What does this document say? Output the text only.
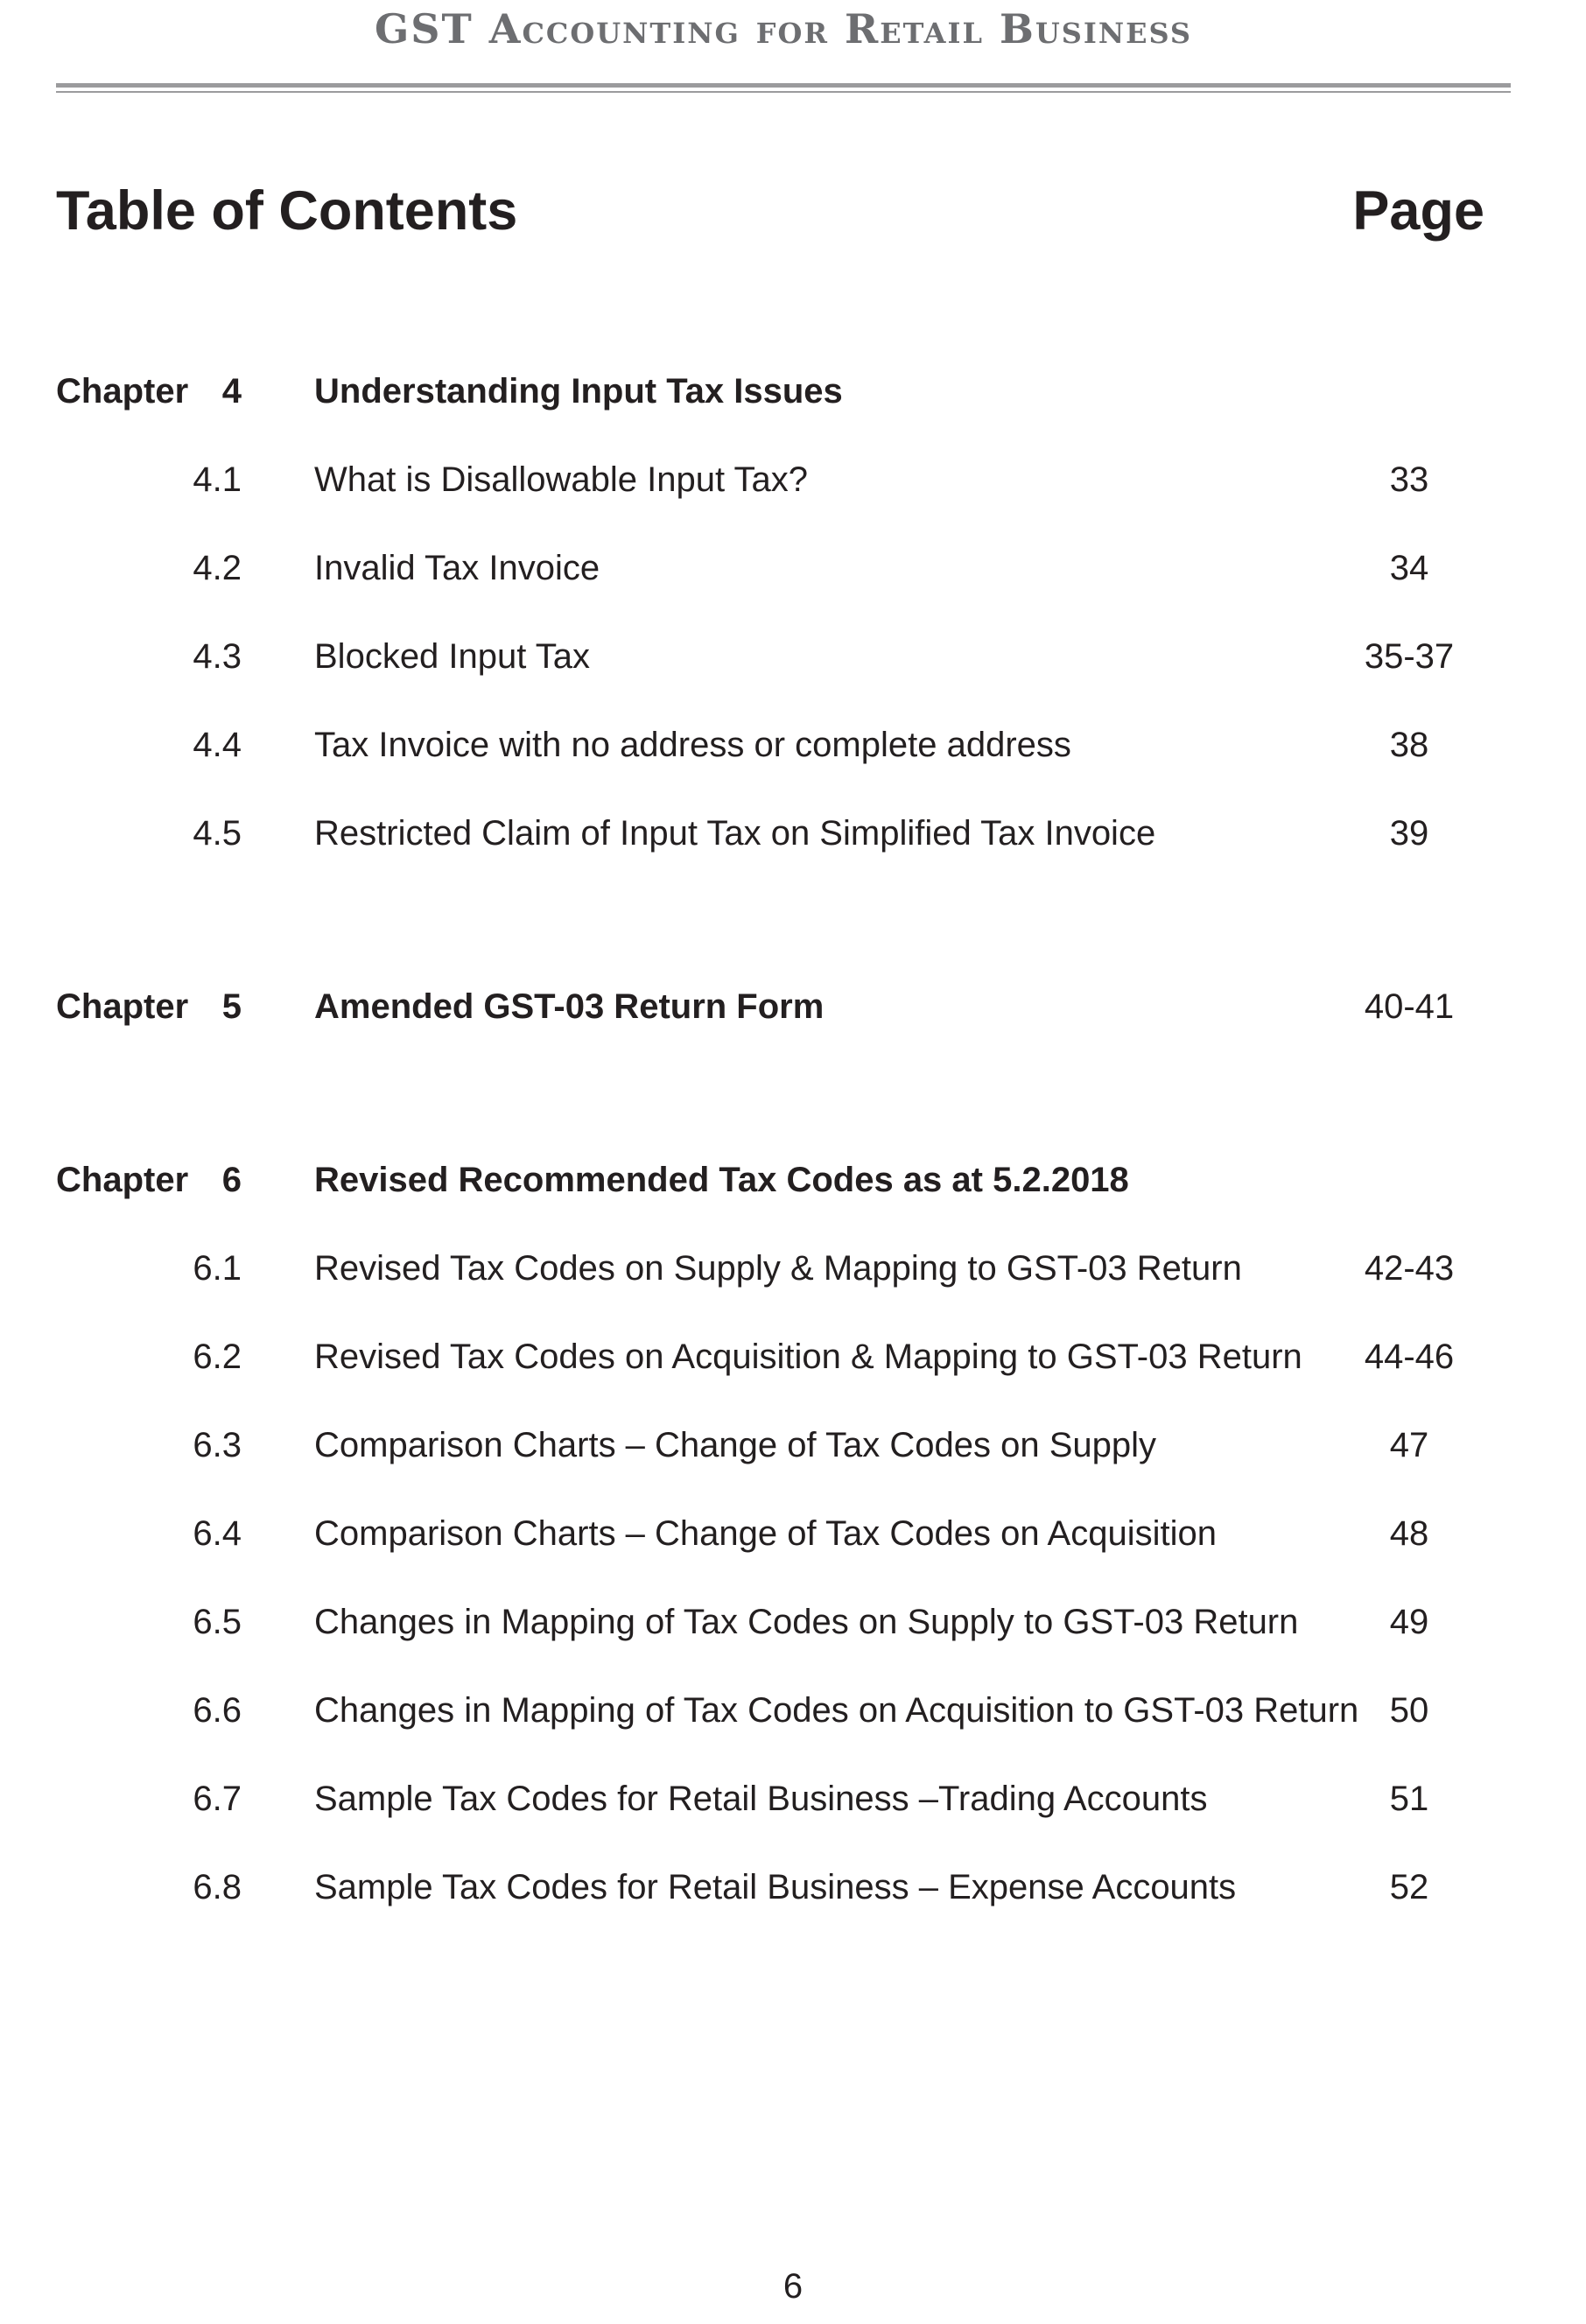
GST Accounting for Retail Business
Table of Contents	Page
Chapter 4 Understanding Input Tax Issues
4.1 What is Disallowable Input Tax?	33
4.2 Invalid Tax Invoice	34
4.3 Blocked Input Tax	35-37
4.4 Tax Invoice with no address or complete address	38
4.5 Restricted Claim of Input Tax on Simplified Tax Invoice	39
Chapter 5 Amended GST-03 Return Form	40-41
Chapter 6 Revised Recommended Tax Codes as at 5.2.2018
6.1 Revised Tax Codes on Supply & Mapping to GST-03 Return	42-43
6.2 Revised Tax Codes on Acquisition & Mapping to GST-03 Return	44-46
6.3 Comparison Charts – Change of Tax Codes on Supply	47
6.4 Comparison Charts – Change of Tax Codes on Acquisition	48
6.5 Changes in Mapping of Tax Codes on Supply to GST-03 Return	49
6.6 Changes in Mapping of Tax Codes on Acquisition to GST-03 Return 50
6.7 Sample Tax Codes for Retail Business –Trading Accounts	51
6.8 Sample Tax Codes for Retail Business – Expense Accounts	52
6
